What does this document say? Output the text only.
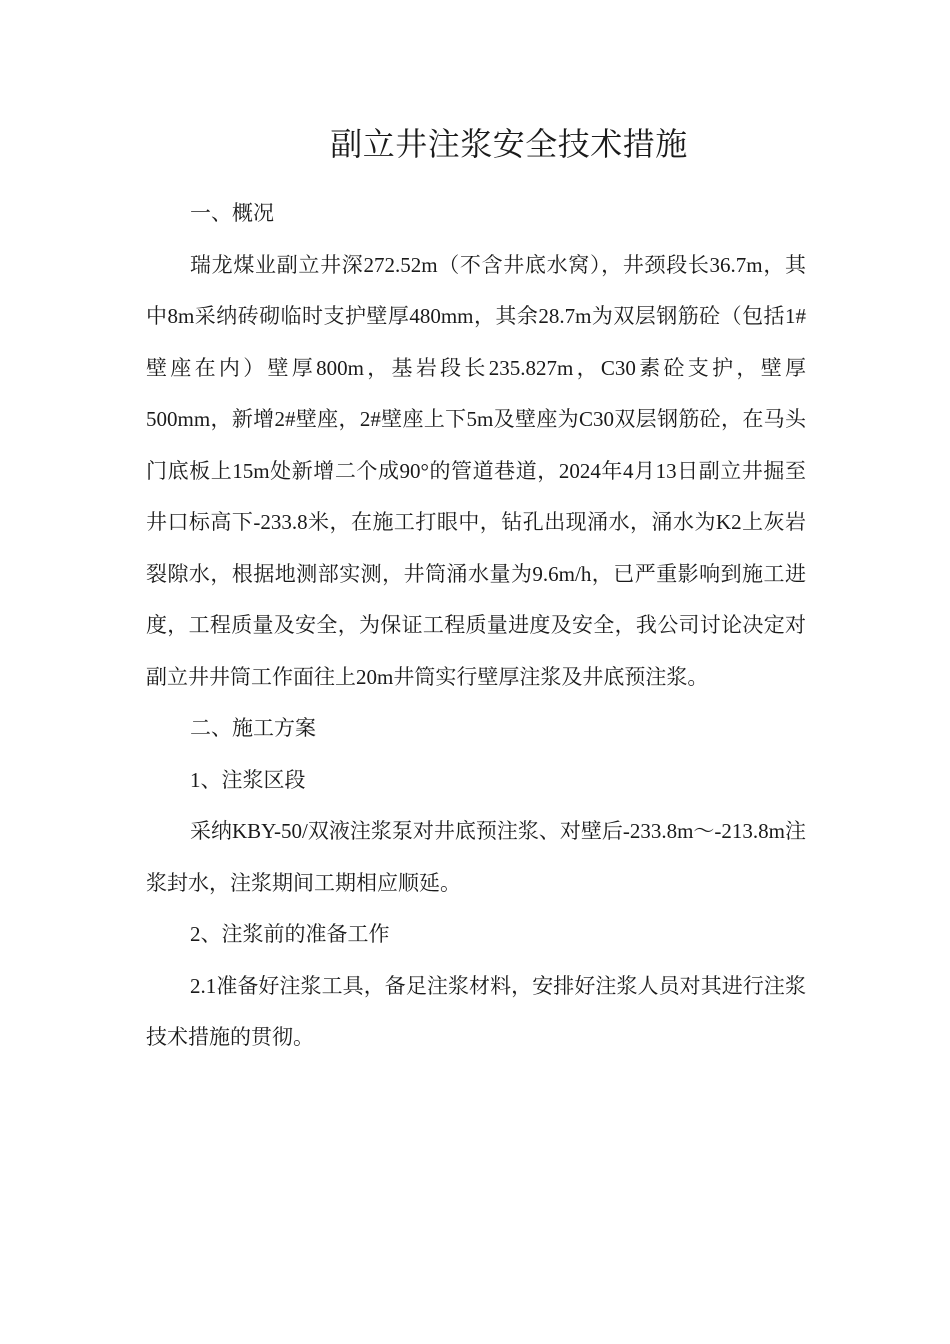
副立井注浆安全技术措施

一、概况

瑞龙煤业副立井深272.52m（不含井底水窝），井颈段长36.7m，其中8m采纳砖砌临时支护壁厚480mm，其余28.7m为双层钢筋砼（包括1#壁座在内）壁厚800m，基岩段长235.827m，C30素砼支护，壁厚500mm，新增2#壁座，2#壁座上下5m及壁座为C30双层钢筋砼，在马头门底板上15m处新增二个成90°的管道巷道，2024年4月13日副立井掘至井口标高下-233.8米，在施工打眼中，钻孔出现涌水，涌水为K2上灰岩裂隙水，根据地测部实测，井筒涌水量为9.6m/h，已严重影响到施工进度，工程质量及安全，为保证工程质量进度及安全，我公司讨论决定对副立井井筒工作面往上20m井筒实行壁厚注浆及井底预注浆。

二、施工方案

1、注浆区段

采纳KBY-50/双液注浆泵对井底预注浆、对壁后-233.8m～-213.8m注浆封水，注浆期间工期相应顺延。

2、注浆前的准备工作

2.1准备好注浆工具，备足注浆材料，安排好注浆人员对其进行注浆技术措施的贯彻。
